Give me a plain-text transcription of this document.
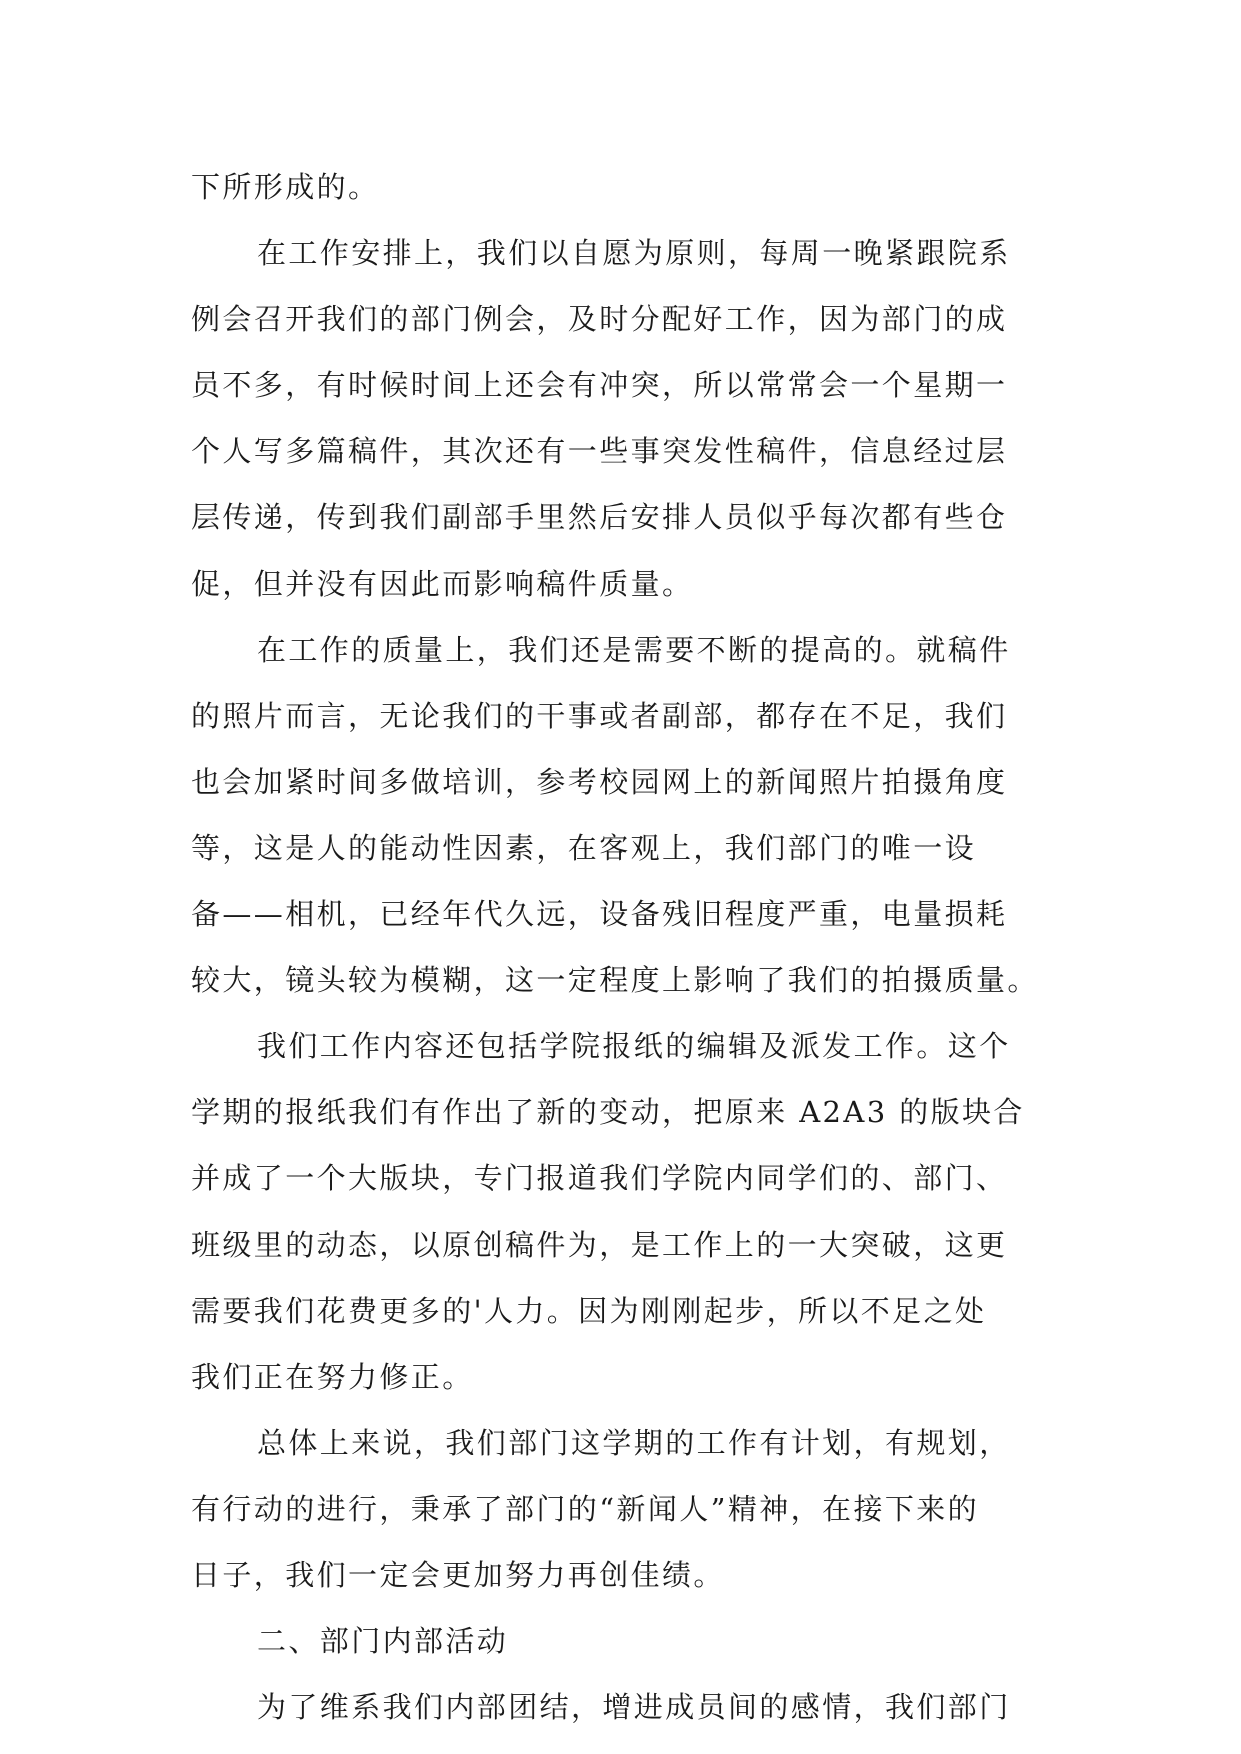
下所形成的。
在工作安排上，我们以自愿为原则，每周一晚紧跟院系
例会召开我们的部门例会，及时分配好工作，因为部门的成
员不多，有时候时间上还会有冲突，所以常常会一个星期一
个人写多篇稿件，其次还有一些事突发性稿件，信息经过层
层传递，传到我们副部手里然后安排人员似乎每次都有些仓
促，但并没有因此而影响稿件质量。
在工作的质量上，我们还是需要不断的提高的。就稿件
的照片而言，无论我们的干事或者副部，都存在不足，我们
也会加紧时间多做培训，参考校园网上的新闻照片拍摄角度
等，这是人的能动性因素，在客观上，我们部门的唯一设
备——相机，已经年代久远，设备残旧程度严重，电量损耗
较大，镜头较为模糊，这一定程度上影响了我们的拍摄质量。
我们工作内容还包括学院报纸的编辑及派发工作。这个
学期的报纸我们有作出了新的变动，把原来 A2A3 的版块合
并成了一个大版块，专门报道我们学院内同学们的、部门、
班级里的动态，以原创稿件为，是工作上的一大突破，这更
需要我们花费更多的'人力。因为刚刚起步，所以不足之处
我们正在努力修正。
总体上来说，我们部门这学期的工作有计划，有规划，
有行动的进行，秉承了部门的“新闻人”精神，在接下来的
日子，我们一定会更加努力再创佳绩。
二、部门内部活动
为了维系我们内部团结，增进成员间的感情，我们部门
